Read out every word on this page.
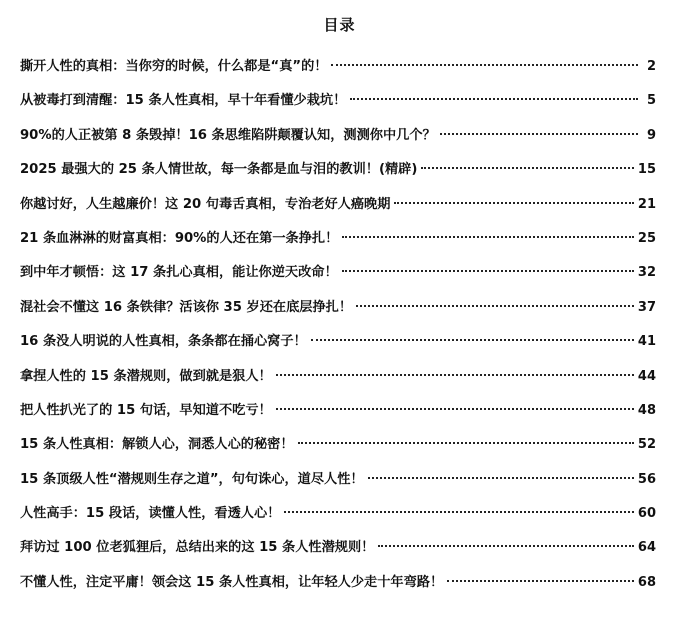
目录
撕开人性的真相：当你穷的时候，什么都是“真”的！	2
从被毒打到清醒：15 条人性真相，早十年看懂少栽坑！	5
90%的人正被第 8 条毁掉！16 条思维陷阱颠覆认知，测测你中几个？	9
2025 最强大的 25 条人情世故，每一条都是血与泪的教训！(精辟)	15
你越讨好，人生越廉价！这 20 句毒舌真相，专治老好人癌晚期	21
21 条血淋淋的财富真相：90%的人还在第一条挣扎！	25
到中年才顿悟：这 17 条扎心真相，能让你逆天改命！	32
混社会不懂这 16 条铁律？活该你 35 岁还在底层挣扎！	37
16 条没人明说的人性真相，条条都在捅心窝子！	41
拿捏人性的 15 条潜规则，做到就是狠人！	44
把人性扒光了的 15 句话，早知道不吃亏！	48
15 条人性真相：解锁人心，洞悉人心的秘密！	52
15 条顶级人性“潜规则生存之道”，句句诛心，道尽人性！	56
人性高手：15 段话，读懂人性，看透人心！	60
拜访过 100 位老狐狸后，总结出来的这 15 条人性潜规则！	64
不懂人性，注定平庸！领会这 15 条人性真相，让年轻人少走十年弯路！	68
